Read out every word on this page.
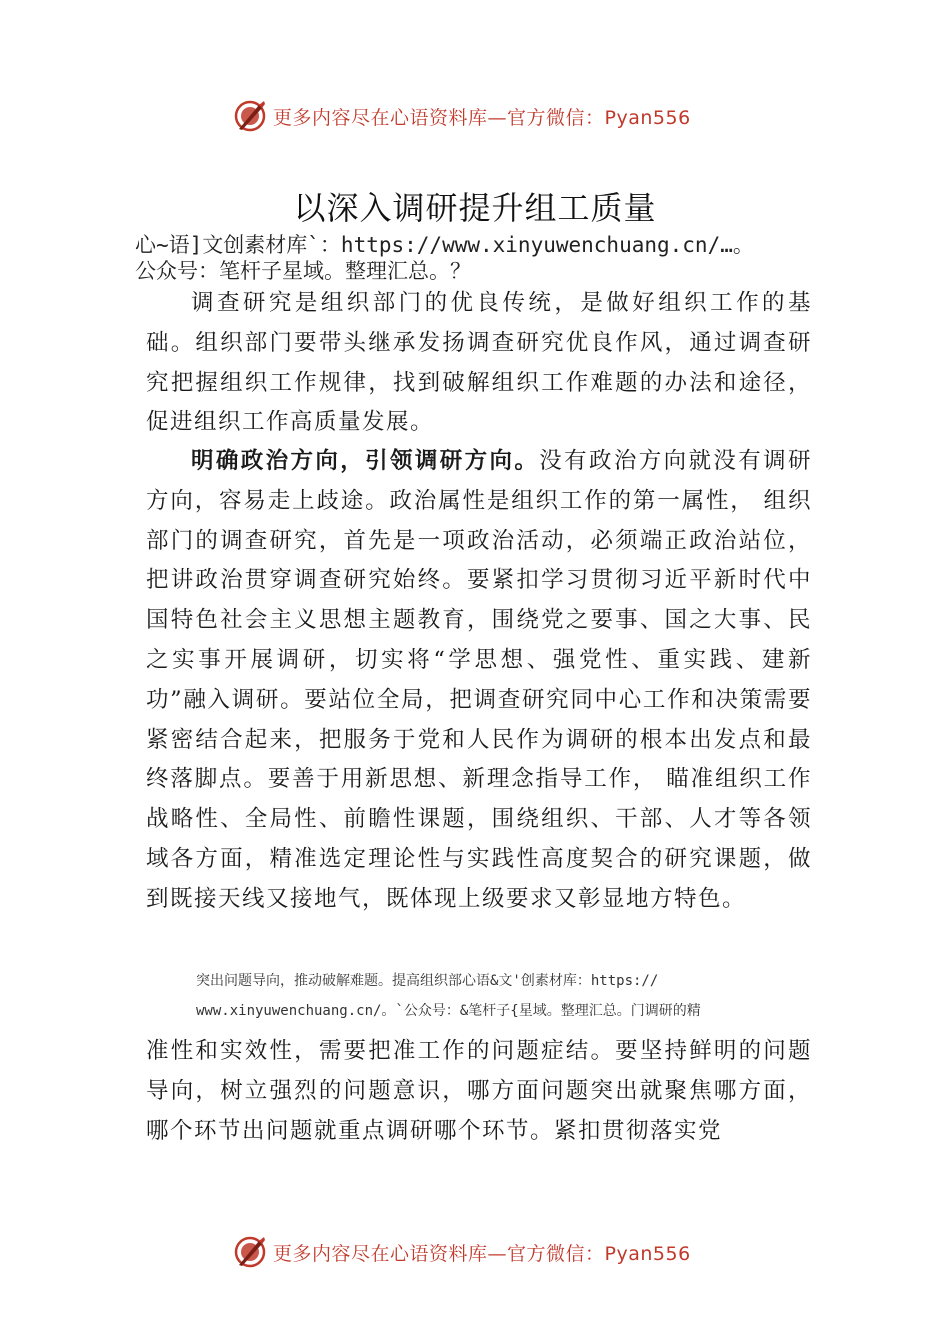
更多内容尽在心语资料库—官方微信：Pyan556
以深入调研提升组工质量

心~语]文创素材库`：https://www.xinyuwenchuang.cn/…。

公众号：笔杆子星域。整理汇总。？

调查研究是组织部门的优良传统，是做好组织工作的基础。组织部门要带头继承发扬调查研究优良作风，通过调查研究把握组织工作规律，找到破解组织工作难题的办法和途径，促进组织工作高质量发展。

明确政治方向，引领调研方向。没有政治方向就没有调研方向，容易走上歧途。政治属性是组织工作的第一属性， 组织部门的调查研究，首先是一项政治活动，必须端正政治站位，把讲政治贯穿调查研究始终。要紧扣学习贯彻习近平新时代中国特色社会主义思想主题教育，围绕党之要事、国之大事、民之实事开展调研，切实将“学思想、强党性、重实践、建新功”融入调研。要站位全局，把调查研究同中心工作和决策需要紧密结合起来，把服务于党和人民作为调研的根本出发点和最终落脚点。要善于用新思想、新理念指导工作， 瞄准组织工作战略性、全局性、前瞻性课题，围绕组织、干部、人才等各领域各方面，精准选定理论性与实践性高度契合的研究课题，做到既接天线又接地气，既体现上级要求又彰显地方特色。

突出问题导向，推动破解难题。提高组织部心语&文'创素材库：https://
www.xinyuwenchuang.cn/。`公众号：&笔杆子{星域。整理汇总。门调研的精

准性和实效性，需要把准工作的问题症结。要坚持鲜明的问题导向，树立强烈的问题意识，哪方面问题突出就聚焦哪方面，哪个环节出问题就重点调研哪个环节。紧扣贯彻落实党

更多内容尽在心语资料库—官方微信：Pyan556
